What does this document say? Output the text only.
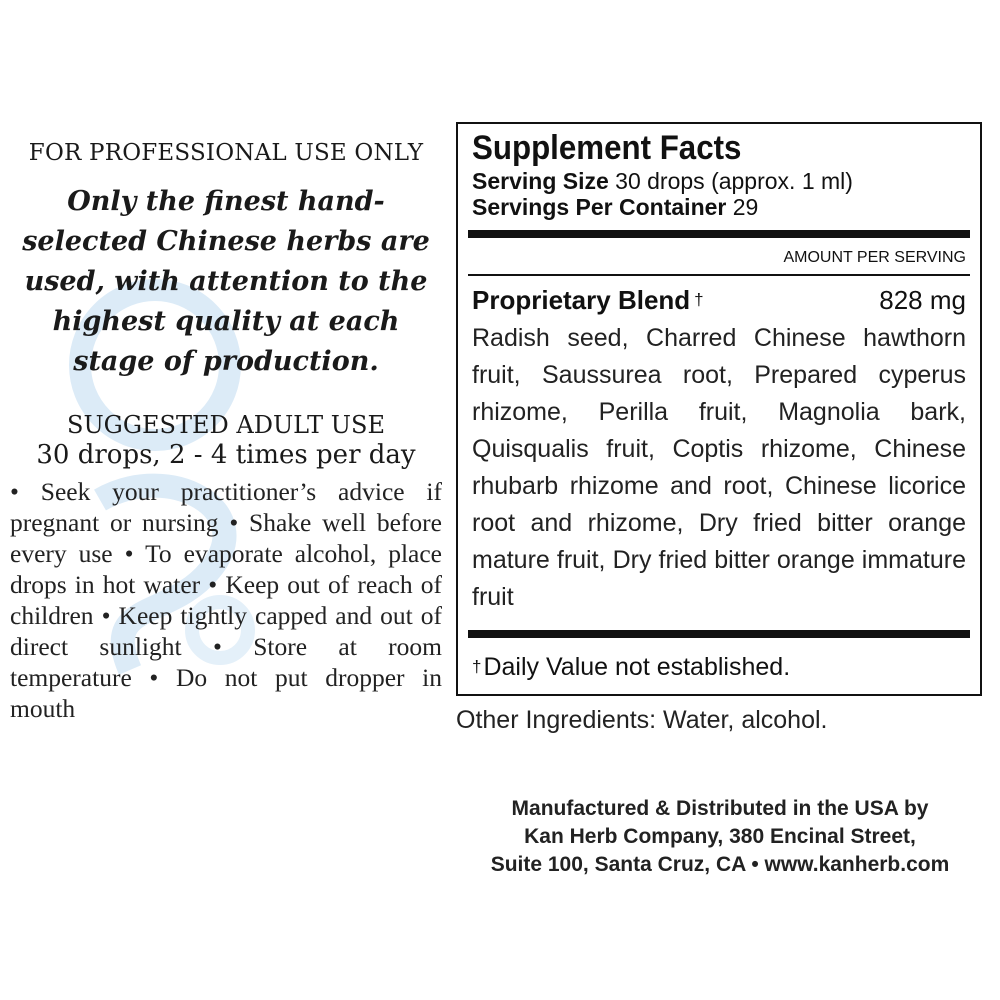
FOR PROFESSIONAL USE ONLY
Only the finest hand-selected Chinese herbs are used, with attention to the highest quality at each stage of production.
SUGGESTED ADULT USE
30 drops, 2 - 4 times per day
• Seek your practitioner’s advice if pregnant or nursing • Shake well before every use • To evaporate alcohol, place drops in hot water • Keep out of reach of children • Keep tightly capped and out of direct sunlight • Store at room temperature • Do not put dropper in mouth
Supplement Facts
Serving Size 30 drops (approx. 1 ml)
Servings Per Container 29
AMOUNT PER SERVING
Proprietary Blend †	828 mg
Radish seed, Charred Chinese hawthorn fruit, Saussurea root, Prepared cyperus rhizome, Perilla fruit, Magnolia bark, Quisqualis fruit, Coptis rhizome, Chinese rhubarb rhizome and root, Chinese licorice root and rhizome, Dry fried bitter orange mature fruit, Dry fried bitter orange immature fruit
†Daily Value not established.
Other Ingredients: Water, alcohol.
Manufactured & Distributed in the USA by
Kan Herb Company, 380 Encinal Street,
Suite 100, Santa Cruz, CA • www.kanherb.com
